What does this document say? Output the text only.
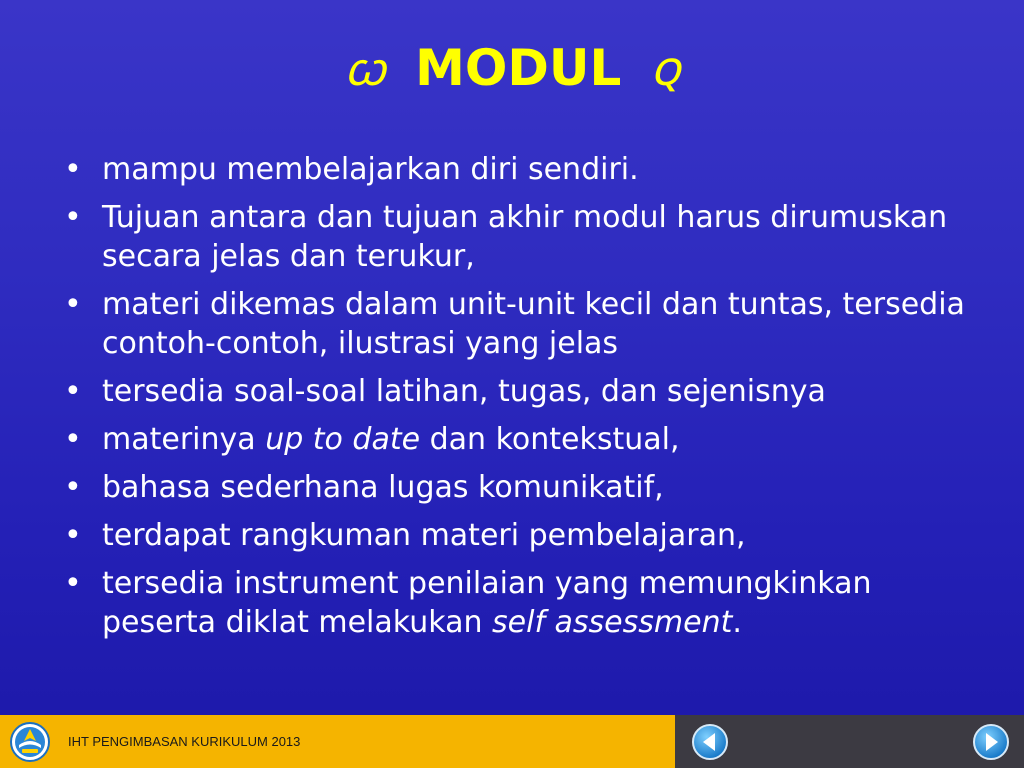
ꞷ MODUL ꞯ
• mampu membelajarkan diri sendiri.
• Tujuan antara dan tujuan akhir modul harus dirumuskan secara jelas dan terukur,
• materi dikemas dalam unit-unit kecil dan tuntas, tersedia contoh-contoh, ilustrasi yang jelas
• tersedia soal-soal latihan, tugas, dan sejenisnya
• materinya up to date dan kontekstual,
• bahasa sederhana lugas komunikatif,
• terdapat rangkuman materi pembelajaran,
• tersedia instrument penilaian yang memungkinkan peserta diklat melakukan self assessment.
IHT PENGIMBASAN KURIKULUM 2013
